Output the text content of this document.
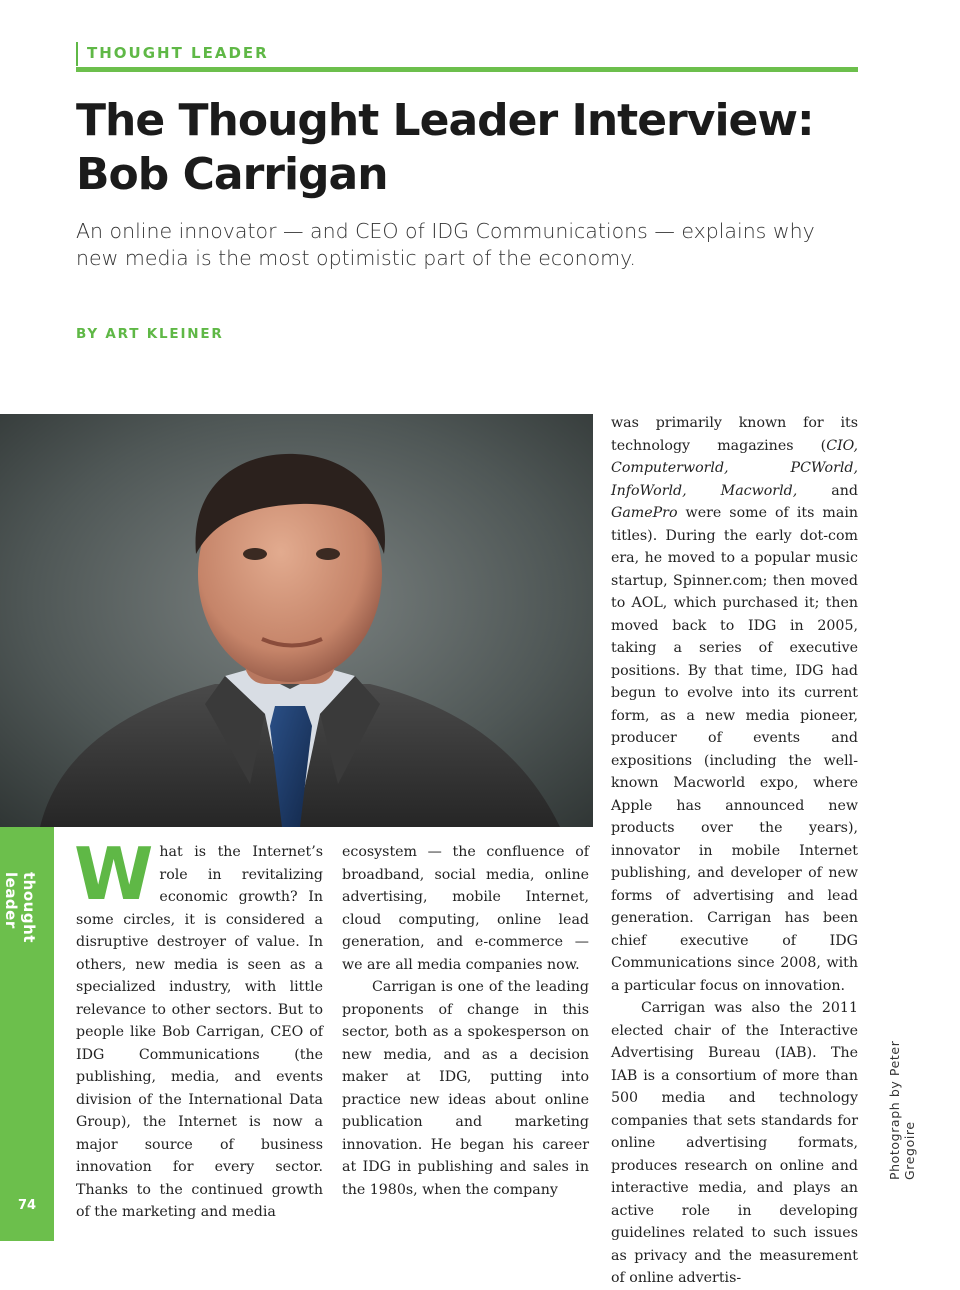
THOUGHT LEADER
The Thought Leader Interview:
Bob Carrigan

An online innovator — and CEO of IDG Communications — explains why
new media is the most optimistic part of the economy.

BY ART KLEINER
thought leader
74
Photograph by Peter Gregoire

What is the Internet’s role in revitalizing economic growth? In some circles, it is considered a disruptive destroyer of value. In others, new media is seen as a specialized industry, with little relevance to other sectors. But to people like Bob Carrigan, CEO of IDG Communications (the publishing, media, and events division of the International Data Group), the Internet is now a major source of business innovation for every sector. Thanks to the continued growth of the marketing and media

ecosystem — the confluence of broadband, social media, online advertising, mobile Internet, cloud computing, online lead generation, and e-commerce — we are all media companies now.

Carrigan is one of the leading proponents of change in this sector, both as a spokesperson on new media, and as a decision maker at IDG, putting into practice new ideas about online publication and marketing innovation. He began his career at IDG in publishing and sales in the 1980s, when the company

was primarily known for its technology magazines (CIO, Computerworld, PCWorld, InfoWorld, Macworld, and GamePro were some of its main titles). During the early dot-com era, he moved to a popular music startup, Spinner.com; then moved to AOL, which purchased it; then moved back to IDG in 2005, taking a series of executive positions. By that time, IDG had begun to evolve into its current form, as a new media pioneer, producer of events and expositions (including the well-known Macworld expo, where Apple has announced new products over the years), innovator in mobile Internet publishing, and developer of new forms of advertising and lead generation. Carrigan has been chief executive of IDG Communications since 2008, with a particular focus on innovation.

Carrigan was also the 2011 elected chair of the Interactive Advertising Bureau (IAB). The IAB is a consortium of more than 500 media and technology companies that sets standards for online advertising formats, produces research on online and interactive media, and plays an active role in developing guidelines related to such issues as privacy and the measurement of online advertis-
